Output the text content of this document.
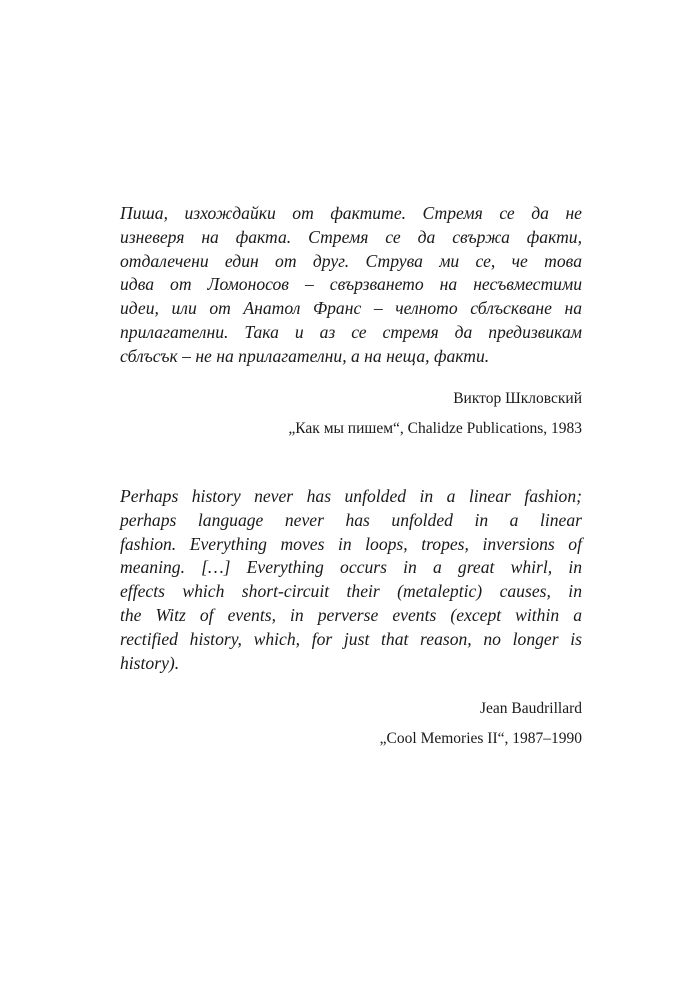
Пиша, изхождайки от фактите. Стремя се да не
изневеря на факта. Стремя се да свържа факти,
отдалечени един от друг. Струва ми се, че това
идва от Ломоносов – свързването на несъвместими
идеи, или от Анатол Франс – челното сблъскване на
прилагателни. Така и аз се стремя да предизвикам
сблъсък – не на прилагателни, а на неща, факти.

Виктор Шкловский
„Как мы пишем“, Chalidze Publications, 1983

Perhaps history never has unfolded in a linear fashion;
perhaps language never has unfolded in a linear
fashion. Everything moves in loops, tropes, inversions of
meaning. […] Everything occurs in a great whirl, in
effects which short-circuit their (metaleptic) causes, in
the Witz of events, in perverse events (except within a
rectified history, which, for just that reason, no longer is
history).

Jean Baudrillard
„Cool Memories II“, 1987–1990
